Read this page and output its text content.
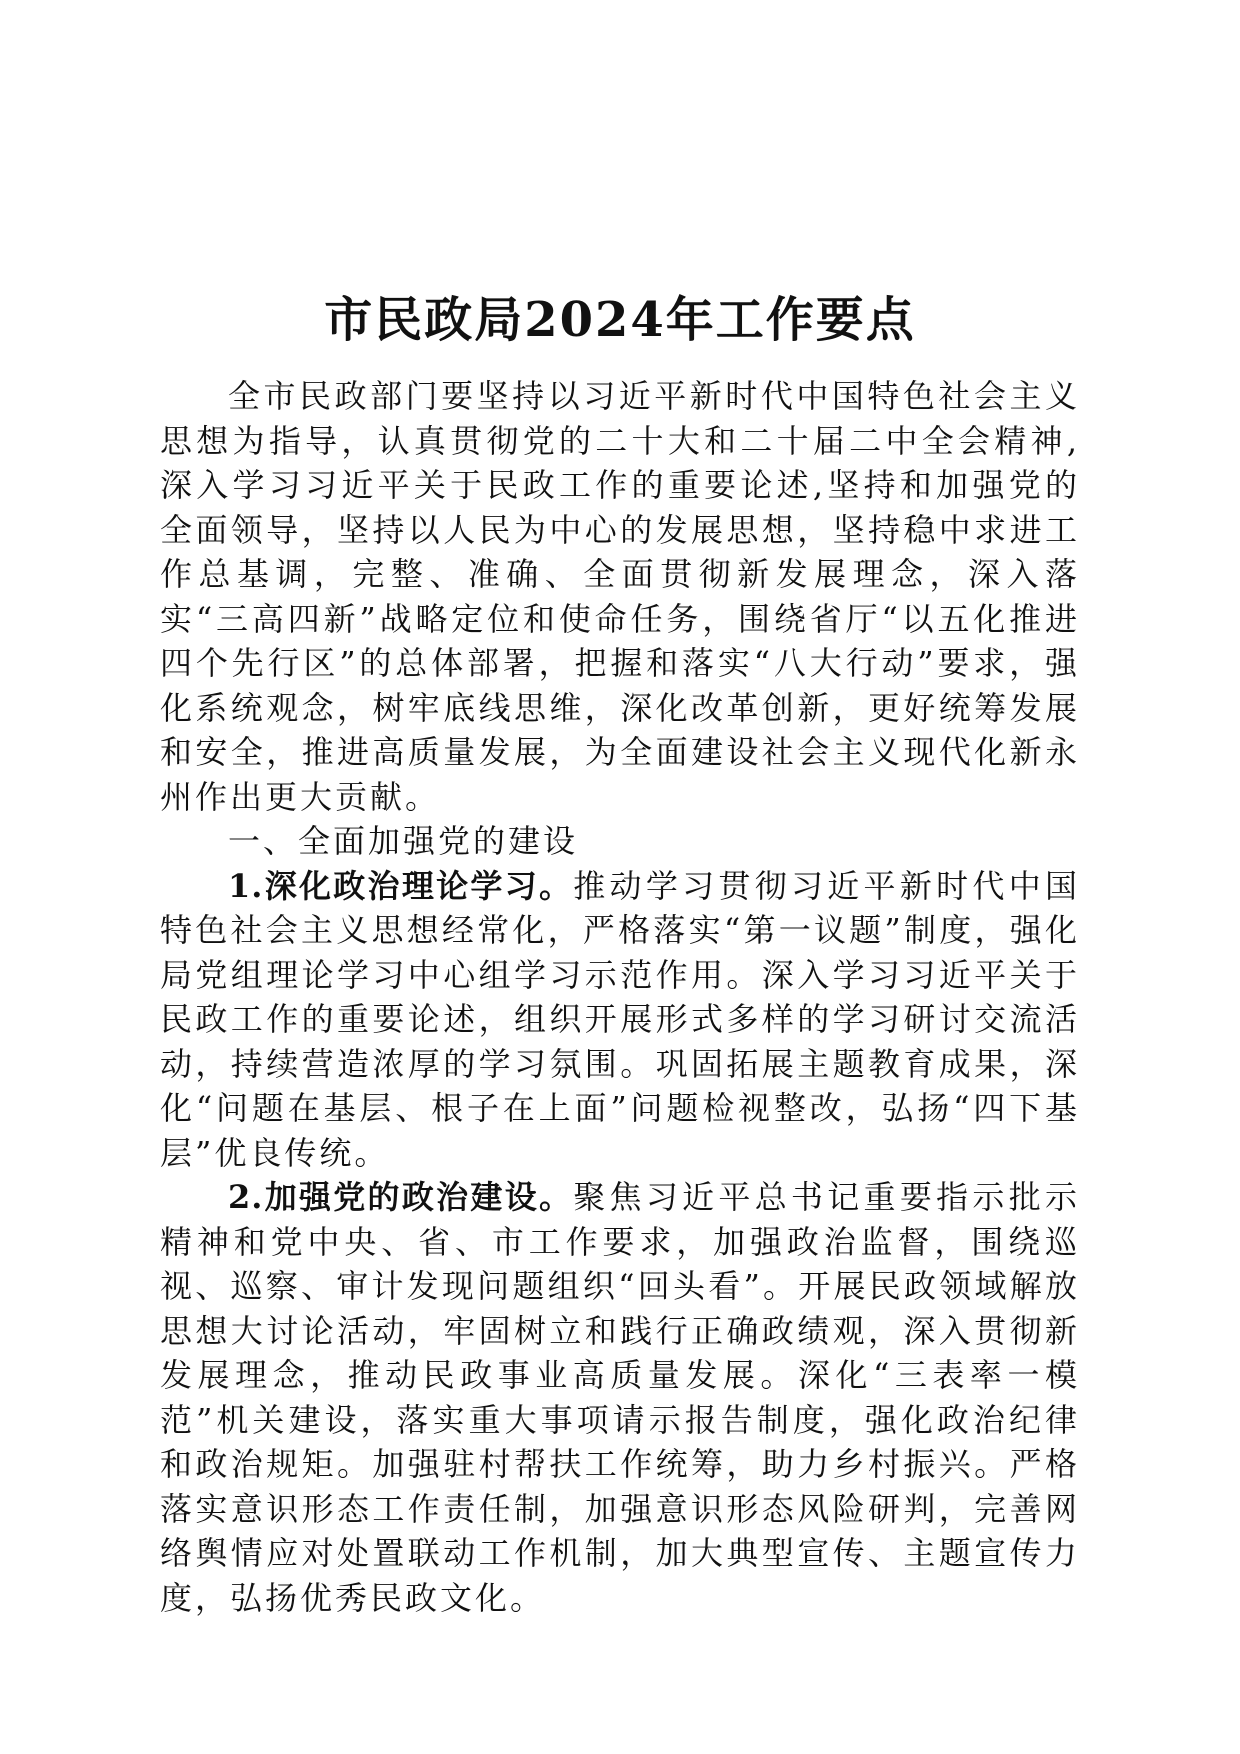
市民政局2024年工作要点

全市民政部门要坚持以习近平新时代中国特色社会主义思想为指导，认真贯彻党的二十大和二十届二中全会精神,深入学习习近平关于民政工作的重要论述,坚持和加强党的全面领导，坚持以人民为中心的发展思想，坚持稳中求进工作总基调，完整、准确、全面贯彻新发展理念，深入落实“三高四新”战略定位和使命任务，围绕省厅“以五化推进四个先行区”的总体部署，把握和落实“八大行动”要求，强化系统观念，树牢底线思维，深化改革创新，更好统筹发展和安全，推进高质量发展，为全面建设社会主义现代化新永州作出更大贡献。

一、全面加强党的建设

1.深化政治理论学习。推动学习贯彻习近平新时代中国特色社会主义思想经常化，严格落实“第一议题”制度，强化局党组理论学习中心组学习示范作用。深入学习习近平关于民政工作的重要论述，组织开展形式多样的学习研讨交流活动，持续营造浓厚的学习氛围。巩固拓展主题教育成果，深化“问题在基层、根子在上面”问题检视整改，弘扬“四下基层”优良传统。

2.加强党的政治建设。聚焦习近平总书记重要指示批示精神和党中央、省、市工作要求，加强政治监督，围绕巡视、巡察、审计发现问题组织“回头看”。开展民政领域解放思想大讨论活动，牢固树立和践行正确政绩观，深入贯彻新发展理念，推动民政事业高质量发展。深化“三表率一模范”机关建设，落实重大事项请示报告制度，强化政治纪律和政治规矩。加强驻村帮扶工作统筹，助力乡村振兴。严格落实意识形态工作责任制，加强意识形态风险研判，完善网络舆情应对处置联动工作机制，加大典型宣传、主题宣传力度，弘扬优秀民政文化。
